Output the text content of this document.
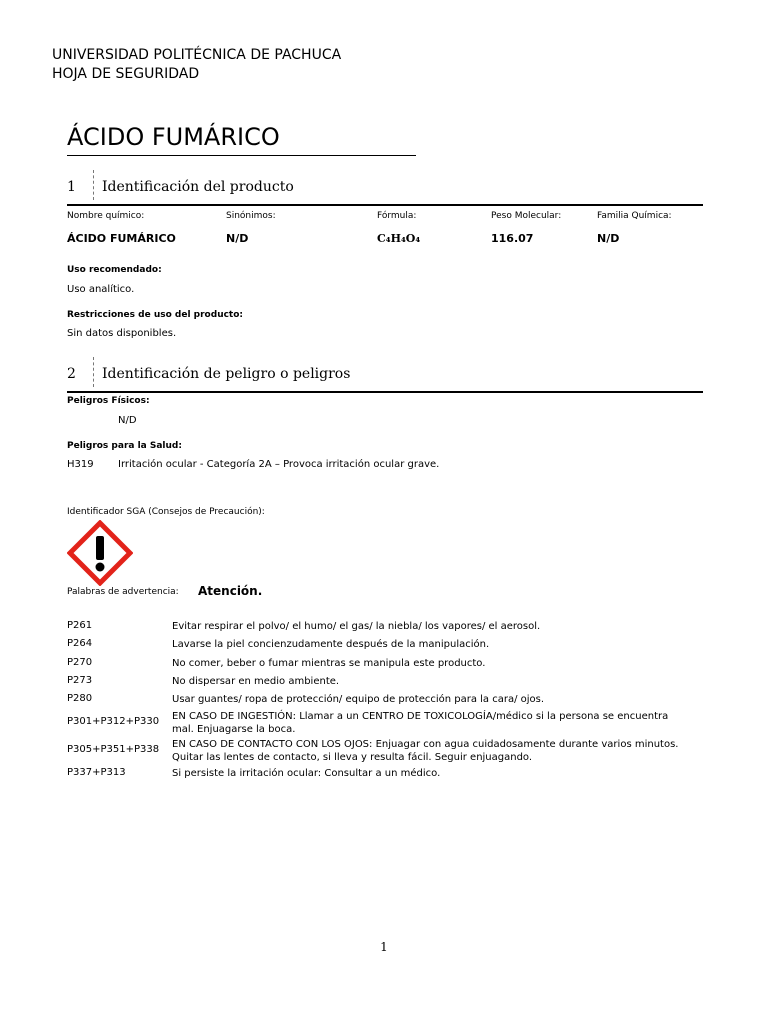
UNIVERSIDAD POLITÉCNICA DE PACHUCA
HOJA DE SEGURIDAD
ÁCIDO FUMÁRICO
1 Identificación del producto
Nombre químico:
ÁCIDO FUMÁRICO
Sinónimos:
N/D
Fórmula:
C₄H₄O₄
Peso Molecular:
116.07
Familia Química:
N/D
Uso recomendado:
Uso analítico.
Restricciones de uso del producto:
Sin datos disponibles.
2 Identificación de peligro o peligros
Peligros Físicos:
N/D
Peligros para la Salud:
H319 Irritación ocular - Categoría 2A – Provoca irritación ocular grave.
Identificador SGA (Consejos de Precaución):
Palabras de advertencia: Atención.
P261	Evitar respirar el polvo/ el humo/ el gas/ la niebla/ los vapores/ el aerosol.
P264	Lavarse la piel concienzudamente después de la manipulación.
P270	No comer, beber o fumar mientras se manipula este producto.
P273	No dispersar en medio ambiente.
P280	Usar guantes/ ropa de protección/ equipo de protección para la cara/ ojos.
P301+P312+P330 EN CASO DE INGESTIÓN: Llamar a un CENTRO DE TOXICOLOGÍA/médico si la persona se encuentra mal. Enjuagarse la boca.
P305+P351+P338 EN CASO DE CONTACTO CON LOS OJOS: Enjuagar con agua cuidadosamente durante varios minutos. Quitar las lentes de contacto, si lleva y resulta fácil. Seguir enjuagando.
P337+P313	Si persiste la irritación ocular: Consultar a un médico.
1
